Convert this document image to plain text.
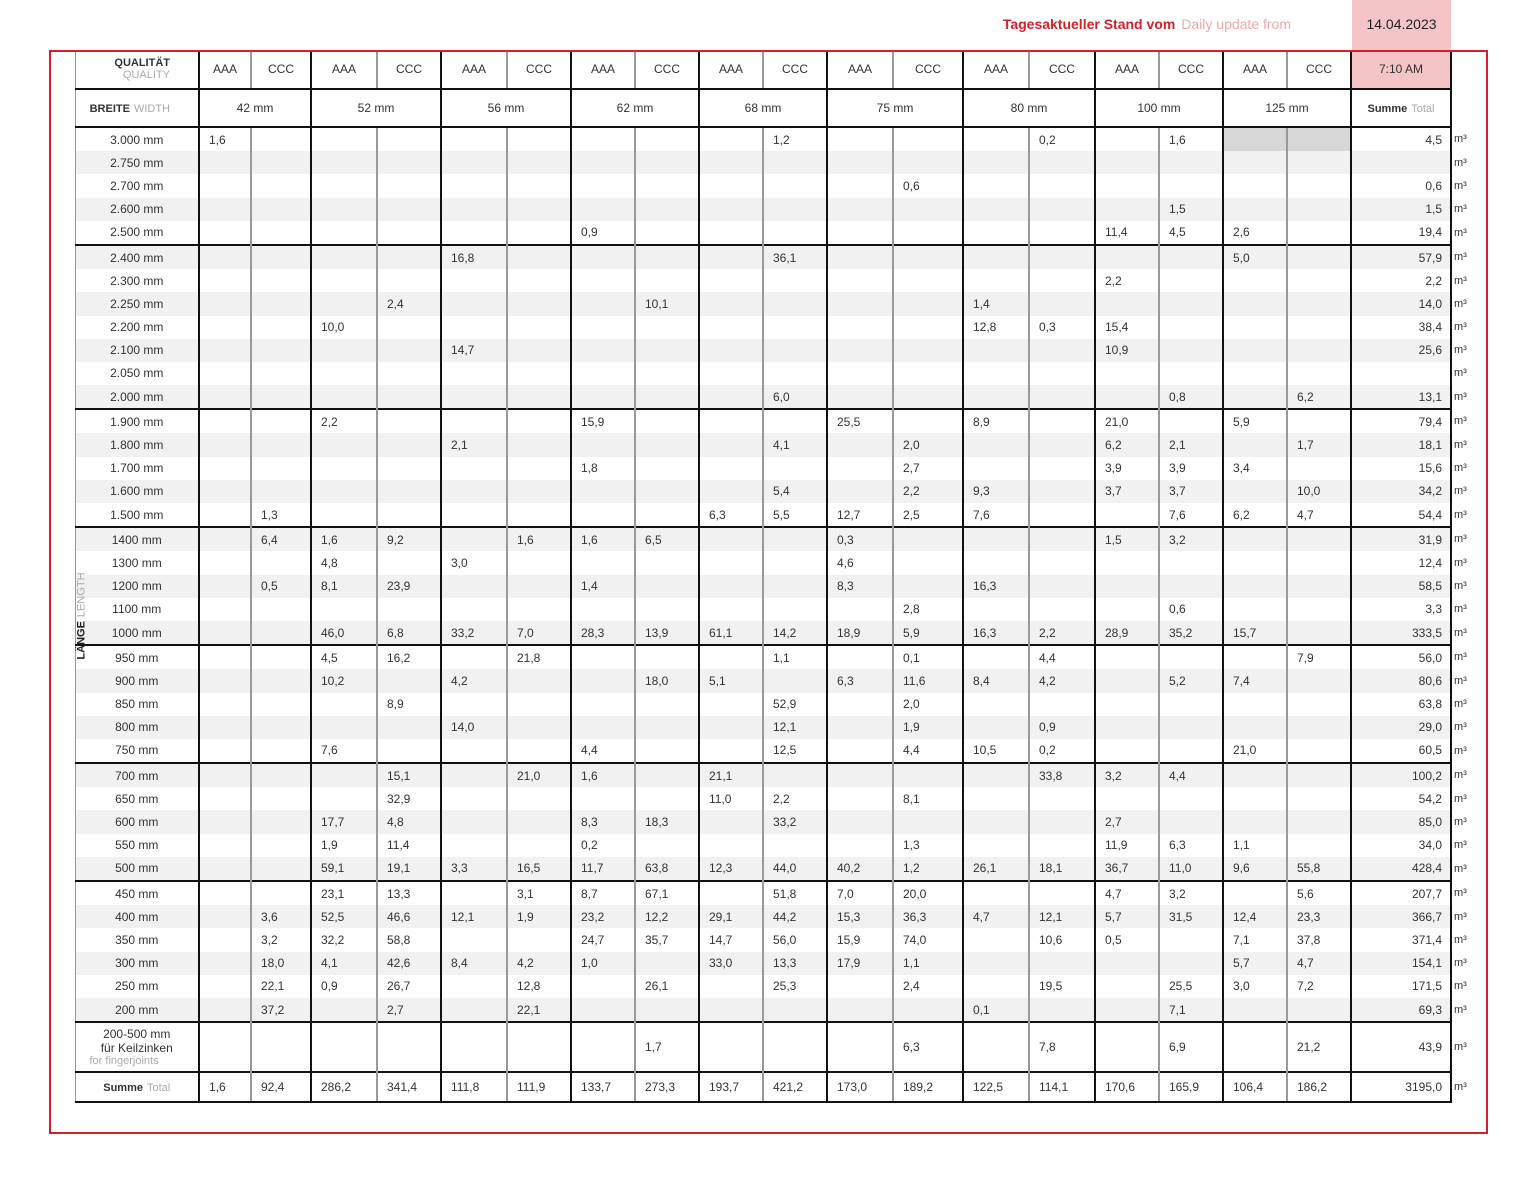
Tagesaktueller Stand vom Daily update from	14.04.2023

	QUALITÄT
QUALITY	AAA	CCC	AAA	CCC	AAA	CCC	AAA	CCC	AAA	CCC	AAA	CCC	AAA	CCC	AAA	CCC	AAA	CCC	7:10 AM	
	BREITE WIDTH	42 mm		52 mm		56 mm		62 mm		68 mm		75 mm		80 mm		100 mm		125 mm		Summe Total	
	3.000 mm	1,6									1,2				0,2		1,6			4,5	m³
	2.750 mm																				m³
	2.700 mm												0,6							0,6	m³
	2.600 mm																1,5			1,5	m³
	2.500 mm							0,9								11,4	4,5	2,6		19,4	m³
	2.400 mm					16,8					36,1							5,0		57,9	m³
	2.300 mm															2,2				2,2	m³
	2.250 mm				2,4				10,1					1,4						14,0	m³
	2.200 mm			10,0										12,8	0,3	15,4				38,4	m³
	2.100 mm					14,7										10,9				25,6	m³
	2.050 mm																				m³
	2.000 mm										6,0						0,8		6,2	13,1	m³
	1.900 mm			2,2				15,9				25,5		8,9		21,0		5,9		79,4	m³
	1.800 mm					2,1					4,1		2,0			6,2	2,1		1,7	18,1	m³
	1.700 mm							1,8					2,7			3,9	3,9	3,4		15,6	m³
	1.600 mm										5,4		2,2	9,3		3,7	3,7		10,0	34,2	m³
	1.500 mm		1,3							6,3	5,5	12,7	2,5	7,6			7,6	6,2	4,7	54,4	m³
	1400 mm		6,4	1,6	9,2		1,6	1,6	6,5			0,3				1,5	3,2			31,9	m³
	1300 mm			4,8		3,0						4,6								12,4	m³
	1200 mm		0,5	8,1	23,9			1,4				8,3		16,3						58,5	m³
	1100 mm												2,8				0,6			3,3	m³
	1000 mm			46,0	6,8	33,2	7,0	28,3	13,9	61,1	14,2	18,9	5,9	16,3	2,2	28,9	35,2	15,7		333,5	m³
	950 mm			4,5	16,2		21,8				1,1		0,1		4,4				7,9	56,0	m³
	900 mm			10,2		4,2			18,0	5,1		6,3	11,6	8,4	4,2		5,2	7,4		80,6	m³
	850 mm				8,9						52,9		2,0							63,8	m³
	800 mm					14,0					12,1		1,9		0,9					29,0	m³
	750 mm			7,6				4,4			12,5		4,4	10,5	0,2			21,0		60,5	m³
	700 mm				15,1		21,0	1,6		21,1					33,8	3,2	4,4			100,2	m³
	650 mm				32,9					11,0	2,2		8,1							54,2	m³
	600 mm			17,7	4,8			8,3	18,3		33,2					2,7				85,0	m³
	550 mm			1,9	11,4			0,2					1,3			11,9	6,3	1,1		34,0	m³
	500 mm			59,1	19,1	3,3	16,5	11,7	63,8	12,3	44,0	40,2	1,2	26,1	18,1	36,7	11,0	9,6	55,8	428,4	m³
	450 mm			23,1	13,3		3,1	8,7	67,1		51,8	7,0	20,0			4,7	3,2		5,6	207,7	m³
	400 mm		3,6	52,5	46,6	12,1	1,9	23,2	12,2	29,1	44,2	15,3	36,3	4,7	12,1	5,7	31,5	12,4	23,3	366,7	m³
	350 mm		3,2	32,2	58,8			24,7	35,7	14,7	56,0	15,9	74,0		10,6	0,5		7,1	37,8	371,4	m³
	300 mm		18,0	4,1	42,6	8,4	4,2	1,0		33,0	13,3	17,9	1,1					5,7	4,7	154,1	m³
	250 mm		22,1	0,9	26,7		12,8		26,1		25,3		2,4		19,5		25,5	3,0	7,2	171,5	m³
	200 mm		37,2		2,7		22,1							0,1			7,1			69,3	m³

	200-500 mm
für Keilzinken
for fingerjoints								1,7				6,3		7,8		6,9		21,2	43,9	m³
	Summe Total	1,6	92,4	286,2	341,4	111,8	111,9	133,7	273,3	193,7	421,2	173,0	189,2	122,5	114,1	170,6	165,9	106,4	186,2	3195,0	m³
LÄNGELENGTH
